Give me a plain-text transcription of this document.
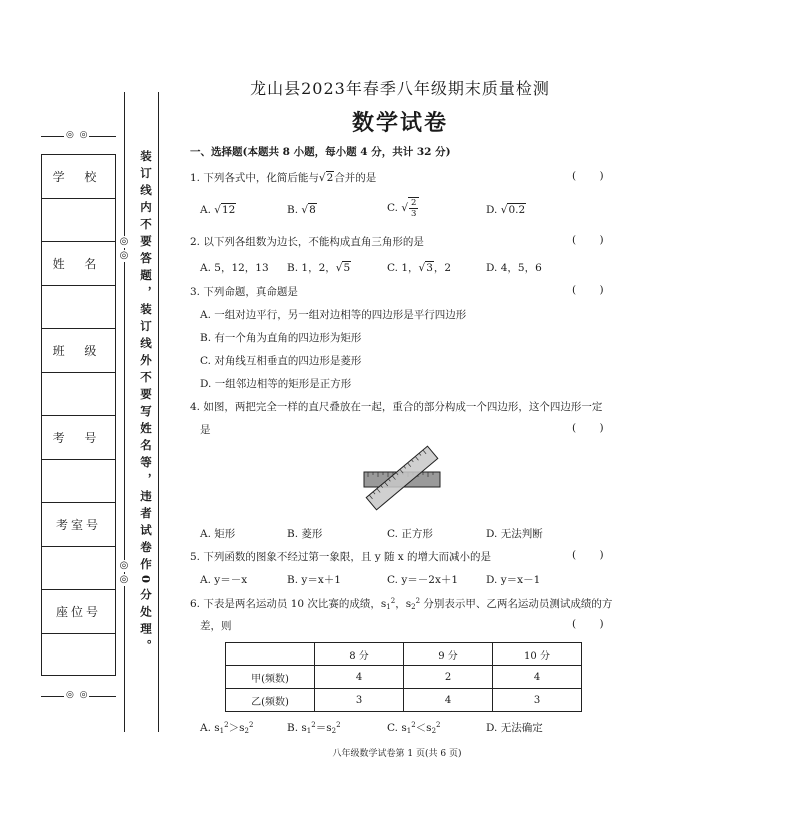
龙山县2023年春季八年级期末质量检测
数学试卷
◎  ◎
◎  ◎
学 校
姓 名
班 级
考 号
考室号
座位号
◎
◎
◎
◎ 装订线内不要答题，装订线外不要写姓名等，违者试卷作0分处理。	一、选择题(本题共 8 小题，每小题 4 分，共计 32 分)
1. 下列各式中，化简后能与√2合并的是	(       )
A. √12	B. √8	C. √ $\frac{2}{3}$	D. √0.2
2. 以下列各组数为边长，不能构成直角三角形的是	(       )
A. 5，12，13 B. 1，2，√5	C. 1，√3，2	D. 4，5，6
3. 下列命题，真命题是	(       )
A. 一组对边平行，另一组对边相等的四边形是平行四边形
B. 有一个角为直角的四边形为矩形
C. 对角线互相垂直的四边形是菱形
D. 一组邻边相等的矩形是正方形
4. 如图，两把完全一样的直尺叠放在一起，重合的部分构成一个四边形，这个四边形一定
是	(       )
A. 矩形	B. 菱形	C. 正方形	D. 无法判断
5. 下列函数的图象不经过第一象限，且 y 随 x 的增大而减小的是	(       )
A. y＝－x	B. y＝x＋1	C. y＝－2x＋1	D. y＝x－1
6. 下表是两名运动员 10 次比赛的成绩，$s_1^2$，$s_2^2$ 分别表示甲、乙两名运动员测试成绩的方
差，则	(       )
	8 分	9 分	10 分
甲(频数)	4	2	4
乙(频数)	3	4	3
A. $s_1^2>s_2^2$	B. $s_1^2=s_2^2$	C. $s_1^2<s_2^2$	D. 无法确定
八年级数学试卷第 1 页(共 6 页)
